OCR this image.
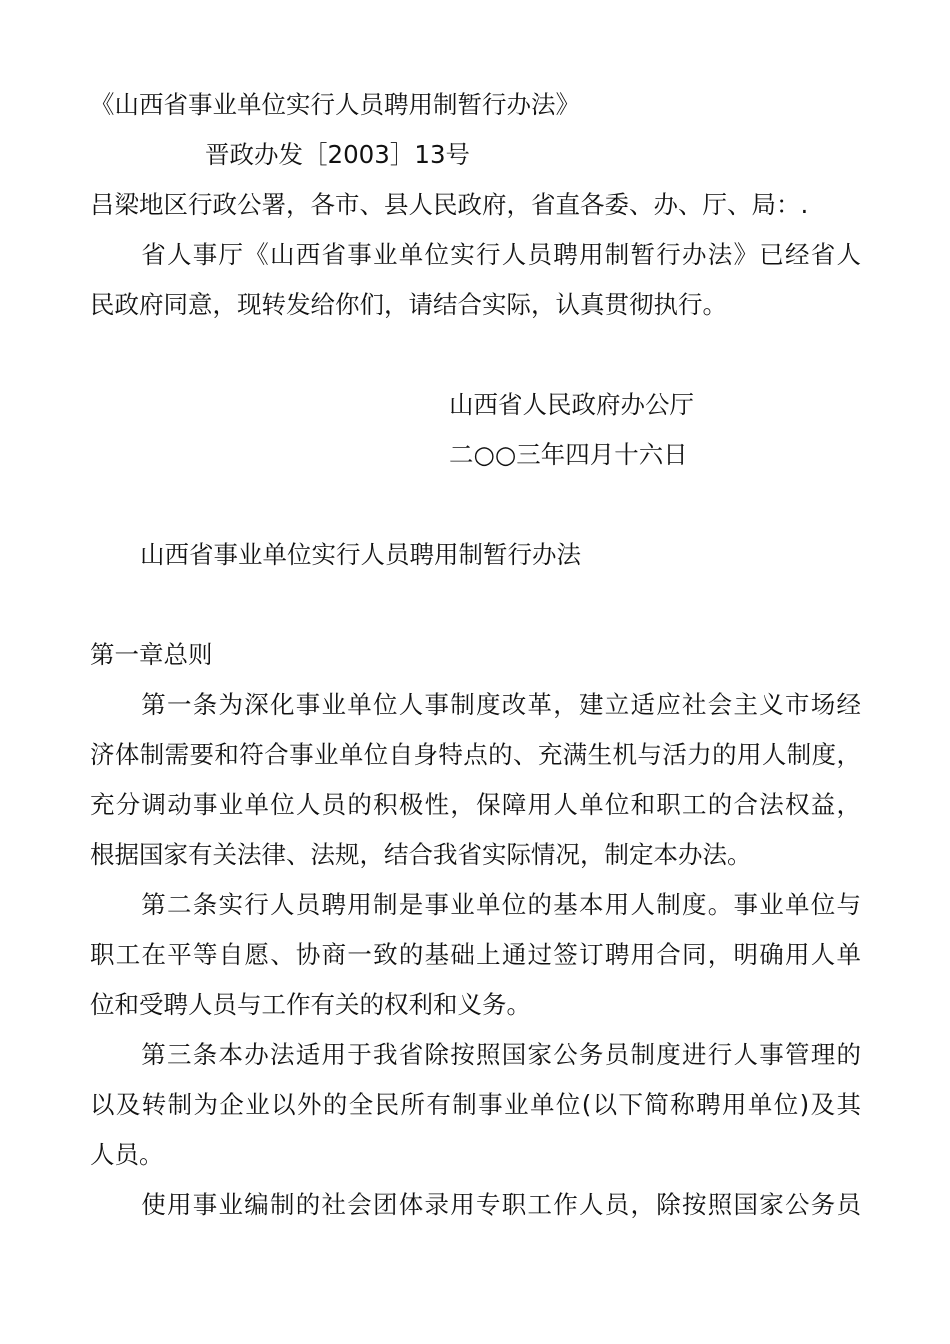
《山西省事业单位实行人员聘用制暂行办法》

晋政办发［2003］13号

吕梁地区行政公署，各市、县人民政府，省直各委、办、厅、局：.

省人事厅《山西省事业单位实行人员聘用制暂行办法》已经省人

民政府同意，现转发给你们，请结合实际，认真贯彻执行。

山西省人民政府办公厅

二○○三年四月十六日

山西省事业单位实行人员聘用制暂行办法

第一章总则

第一条为深化事业单位人事制度改革，建立适应社会主义市场经

济体制需要和符合事业单位自身特点的、充满生机与活力的用人制度，

充分调动事业单位人员的积极性，保障用人单位和职工的合法权益，

根据国家有关法律、法规，结合我省实际情况，制定本办法。

第二条实行人员聘用制是事业单位的基本用人制度。事业单位与

职工在平等自愿、协商一致的基础上通过签订聘用合同，明确用人单

位和受聘人员与工作有关的权利和义务。

第三条本办法适用于我省除按照国家公务员制度进行人事管理的

以及转制为企业以外的全民所有制事业单位(以下简称聘用单位)及其

人员。

使用事业编制的社会团体录用专职工作人员，除按照国家公务员
